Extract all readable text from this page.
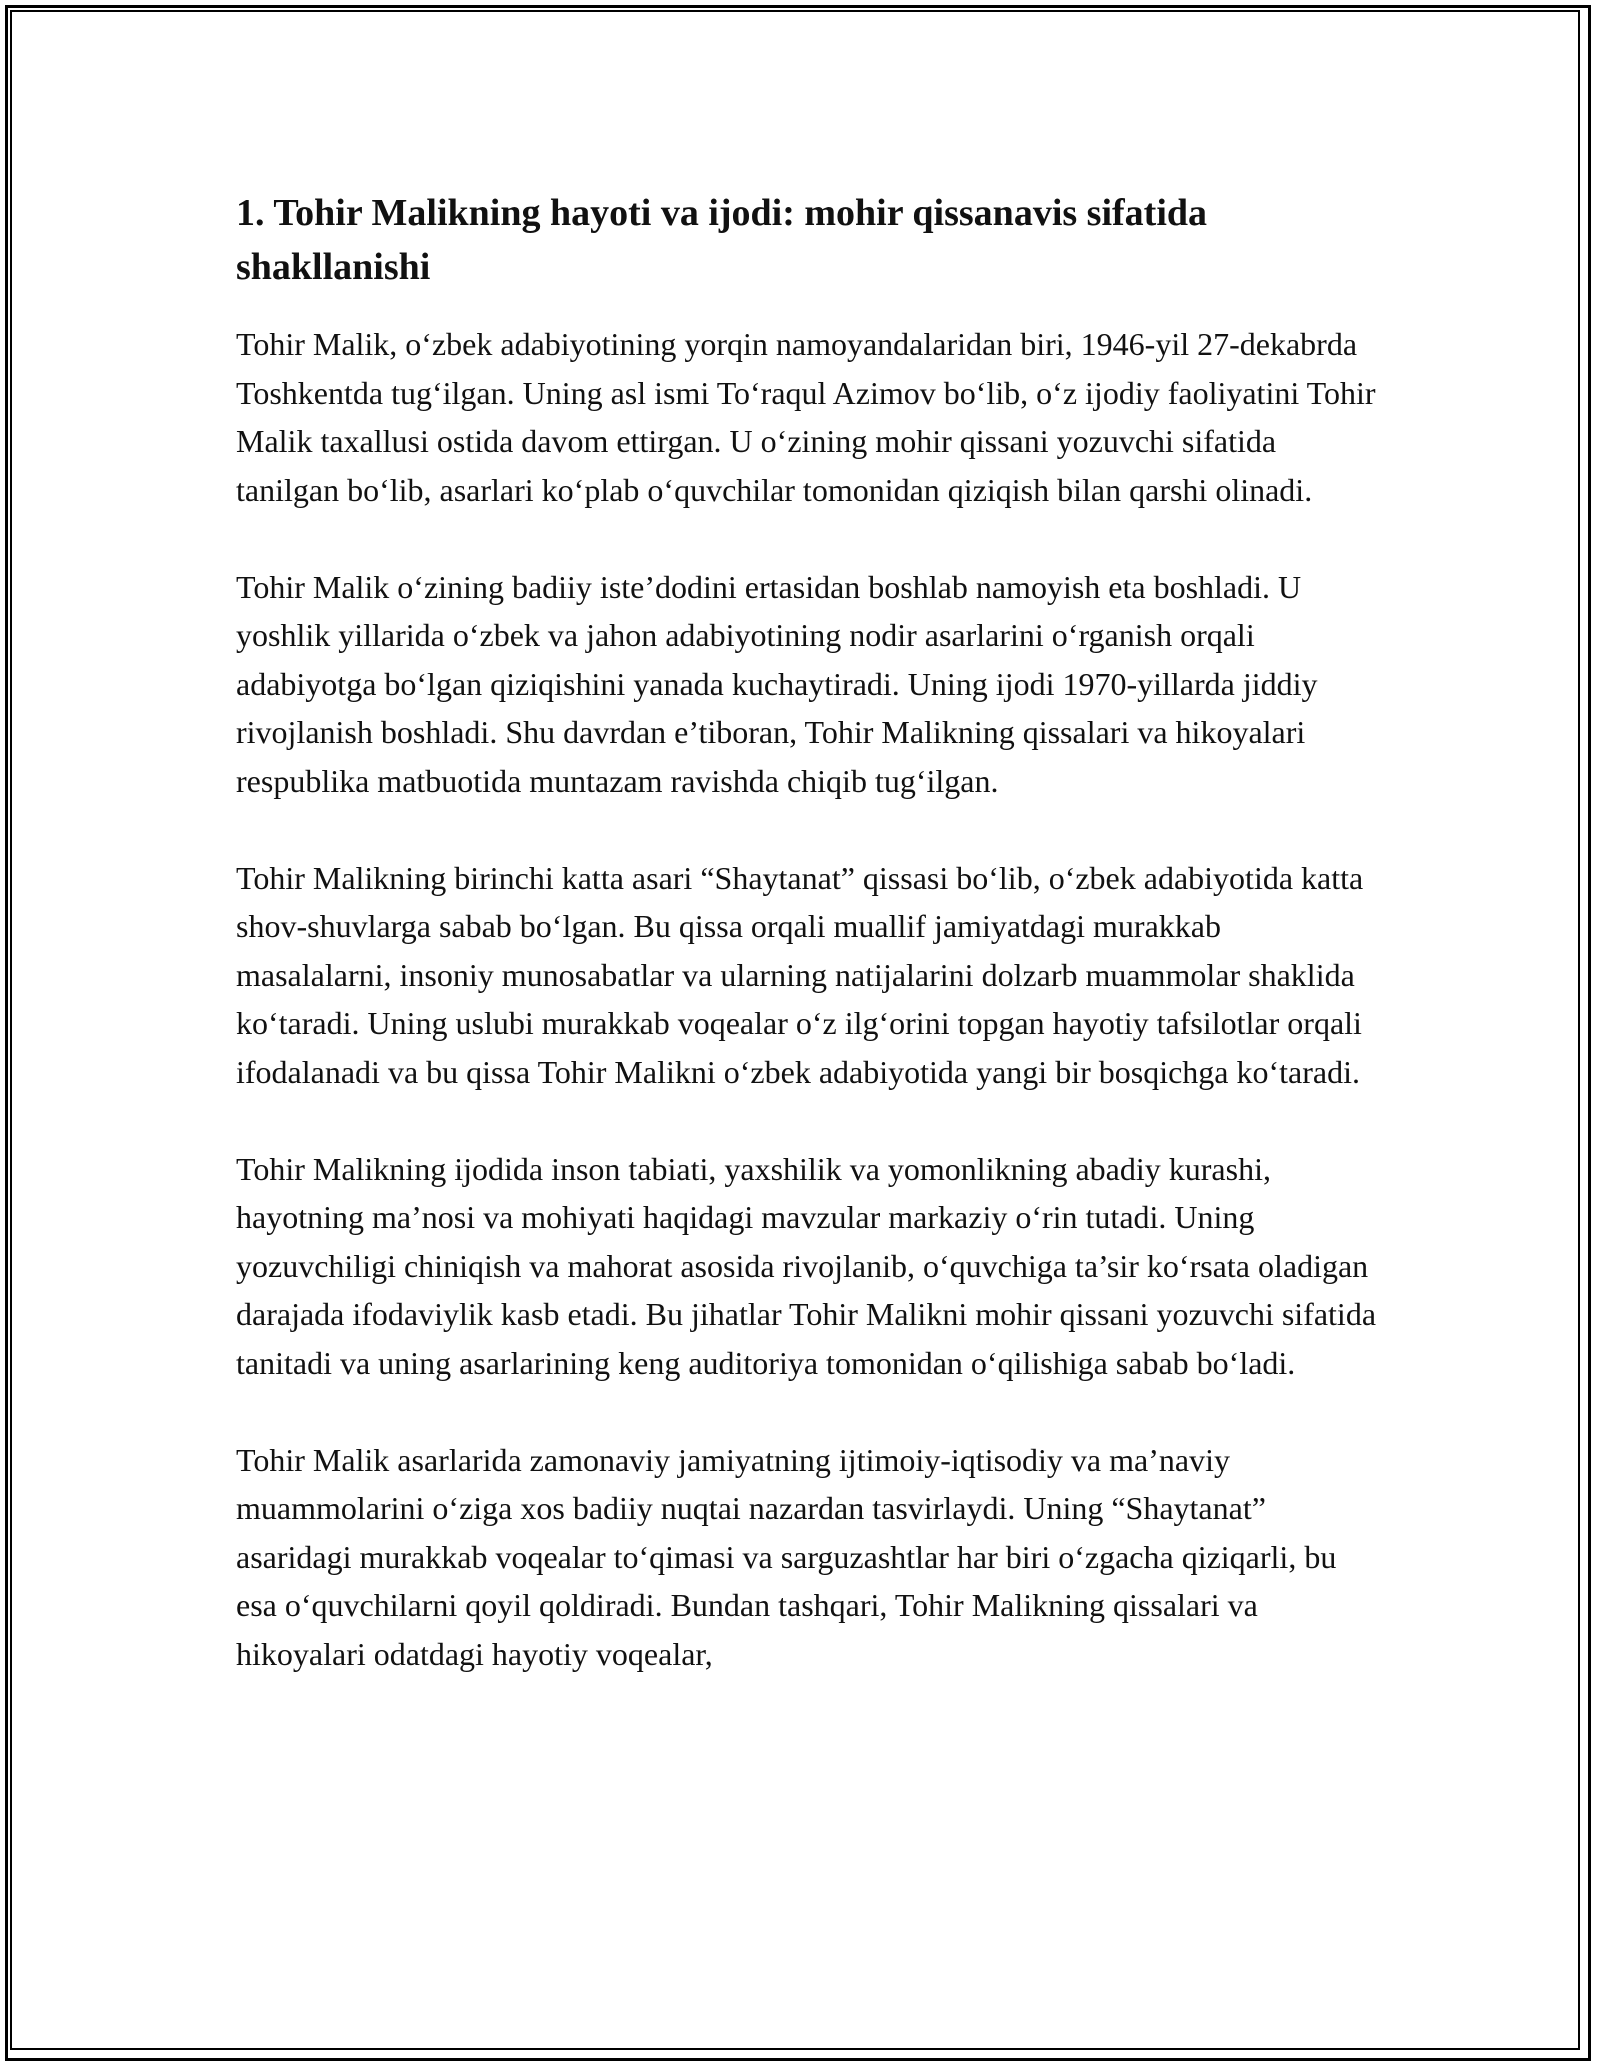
1. Tohir Malikning hayoti va ijodi: mohir qissanavis sifatida shakllanishi

Tohir Malik, o‘zbek adabiyotining yorqin namoyandalaridan biri, 1946-yil 27-dekabrda Toshkentda tug‘ilgan. Uning asl ismi To‘raqul Azimov bo‘lib, o‘z ijodiy faoliyatini Tohir Malik taxallusi ostida davom ettirgan. U o‘zining mohir qissani yozuvchi sifatida tanilgan bo‘lib, asarlari ko‘plab o‘quvchilar tomonidan qiziqish bilan qarshi olinadi.

Tohir Malik o‘zining badiiy iste’dodini ertasidan boshlab namoyish eta boshladi. U yoshlik yillarida o‘zbek va jahon adabiyotining nodir asarlarini o‘rganish orqali adabiyotga bo‘lgan qiziqishini yanada kuchaytiradi. Uning ijodi 1970-yillarda jiddiy rivojlanish boshladi. Shu davrdan e’tiboran, Tohir Malikning qissalari va hikoyalari respublika matbuotida muntazam ravishda chiqib tug‘ilgan.

Tohir Malikning birinchi katta asari “Shaytanat” qissasi bo‘lib, o‘zbek adabiyotida katta shov-shuvlarga sabab bo‘lgan. Bu qissa orqali muallif jamiyatdagi murakkab masalalarni, insoniy munosabatlar va ularning natijalarini dolzarb muammolar shaklida ko‘taradi. Uning uslubi murakkab voqealar o‘z ilg‘orini topgan hayotiy tafsilotlar orqali ifodalanadi va bu qissa Tohir Malikni o‘zbek adabiyotida yangi bir bosqichga ko‘taradi.

Tohir Malikning ijodida inson tabiati, yaxshilik va yomonlikning abadiy kurashi, hayotning ma’nosi va mohiyati haqidagi mavzular markaziy o‘rin tutadi. Uning yozuvchiligi chiniqish va mahorat asosida rivojlanib, o‘quvchiga ta’sir ko‘rsata oladigan darajada ifodaviylik kasb etadi. Bu jihatlar Tohir Malikni mohir qissani yozuvchi sifatida tanitadi va uning asarlarining keng auditoriya tomonidan o‘qilishiga sabab bo‘ladi.

Tohir Malik asarlarida zamonaviy jamiyatning ijtimoiy-iqtisodiy va ma’naviy muammolarini o‘ziga xos badiiy nuqtai nazardan tasvirlaydi. Uning “Shaytanat” asaridagi murakkab voqealar to‘qimasi va sarguzashtlar har biri o‘zgacha qiziqarli, bu esa o‘quvchilarni qoyil qoldiradi. Bundan tashqari, Tohir Malikning qissalari va hikoyalari odatdagi hayotiy voqealar,
